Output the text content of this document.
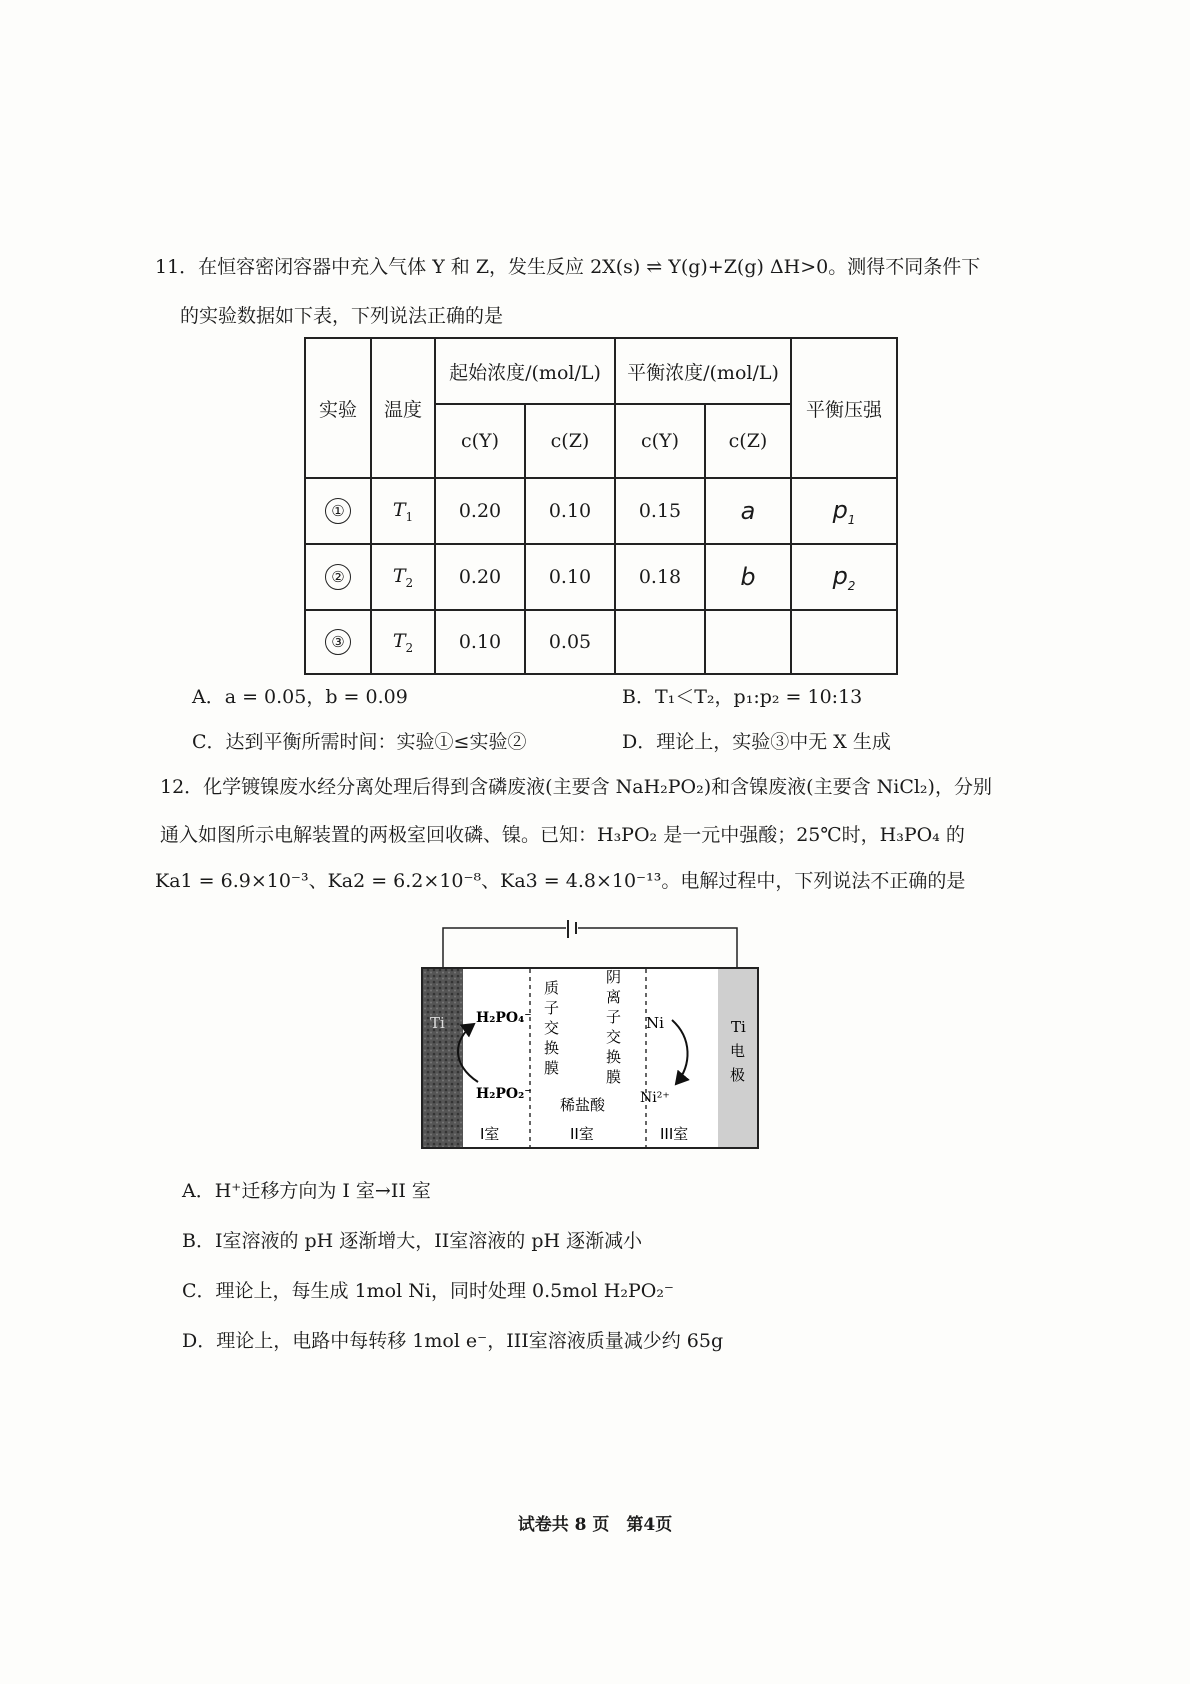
11．在恒容密闭容器中充入气体 Y 和 Z，发生反应 2X(s) ⇌ Y(g)+Z(g) ΔH>0。测得不同条件下
的实验数据如下表，下列说法正确的是
实验	温度	起始浓度/(mol/L)		平衡浓度/(mol/L)		平衡压强
		c(Y)	c(Z)	c(Y)	c(Z)	
①	$T_1$	0.20	0.10	0.15	a	$p_1$
②	$T_2$	0.20	0.10	0.18	b	$p_2$
③	$T_2$	0.10	0.05			
A．a = 0.05，b = 0.09	B．T₁＜T₂，p₁:p₂ = 10:13
C．达到平衡所需时间：实验①≤实验②	D．理论上，实验③中无 X 生成
12．化学镀镍废水经分离处理后得到含磷废液(主要含 NaH₂PO₂)和含镍废液(主要含 NiCl₂)，分别
通入如图所示电解装置的两极室回收磷、镍。已知：H₃PO₂ 是一元中强酸；25℃时，H₃PO₄ 的
Ka1 = 6.9×10⁻³、Ka2 = 6.2×10⁻⁸、Ka3 = 4.8×10⁻¹³。电解过程中，下列说法不正确的是
Ti	Ti
电
极
H₂PO₄⁻
H₂PO₂⁻
质
子
交
换
膜
阴
离
子
交
换
膜
稀盐酸
Ni
Ni²⁺
I室	II室	III室
A．H⁺迁移方向为 I 室→II 室
B．I室溶液的 pH 逐渐增大，II室溶液的 pH 逐渐减小
C．理论上，每生成 1mol Ni，同时处理 0.5mol H₂PO₂⁻
D．理论上，电路中每转移 1mol e⁻，III室溶液质量减少约 65g
试卷共 8 页　第4页
